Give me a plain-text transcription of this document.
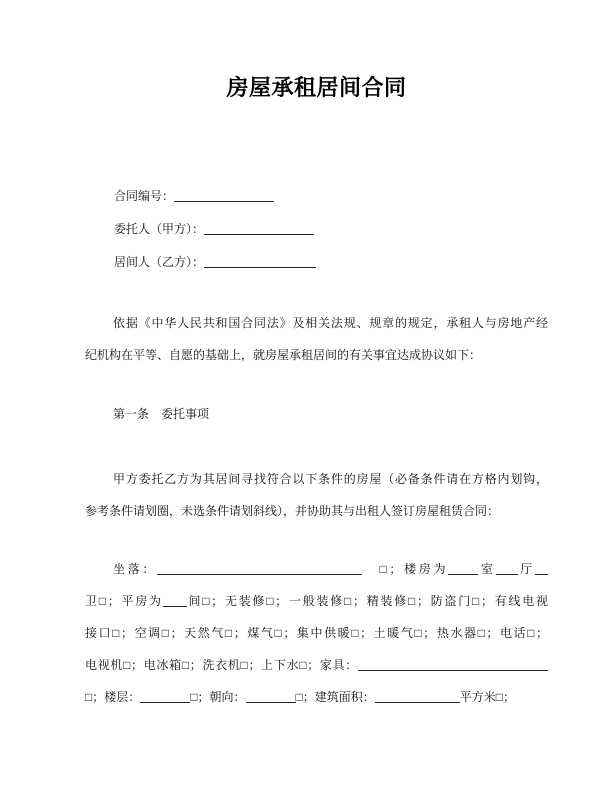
房屋承租居间合同
合同编号：
委托人（甲方）：
居间人（乙方）：
依据《中华人民共和国合同法》及相关法规、规章的规定，承租人与房地产经
纪机构在平等、自愿的基础上，就房屋承租居间的有关事宜达成协议如下：
第一条　委托事项
甲方委托乙方为其居间寻找符合以下条件的房屋（必备条件请在方格内划钩，
参考条件请划圈，未选条件请划斜线），并协助其与出租人签订房屋租赁合同：
坐落：	　□；楼房为	室 厅
卫□；平房为 间□；无装修□；一般装修□；精装修□；防盗门□；有线电视
接口□；空调□；天然气□；煤气□；集中供暖□；土暖气□；热水器□；电话□；
电视机□；电冰箱□；洗衣机□；上下水□；家具：
□；楼层：	□；朝向：	□；建筑面积：	平方米□；
